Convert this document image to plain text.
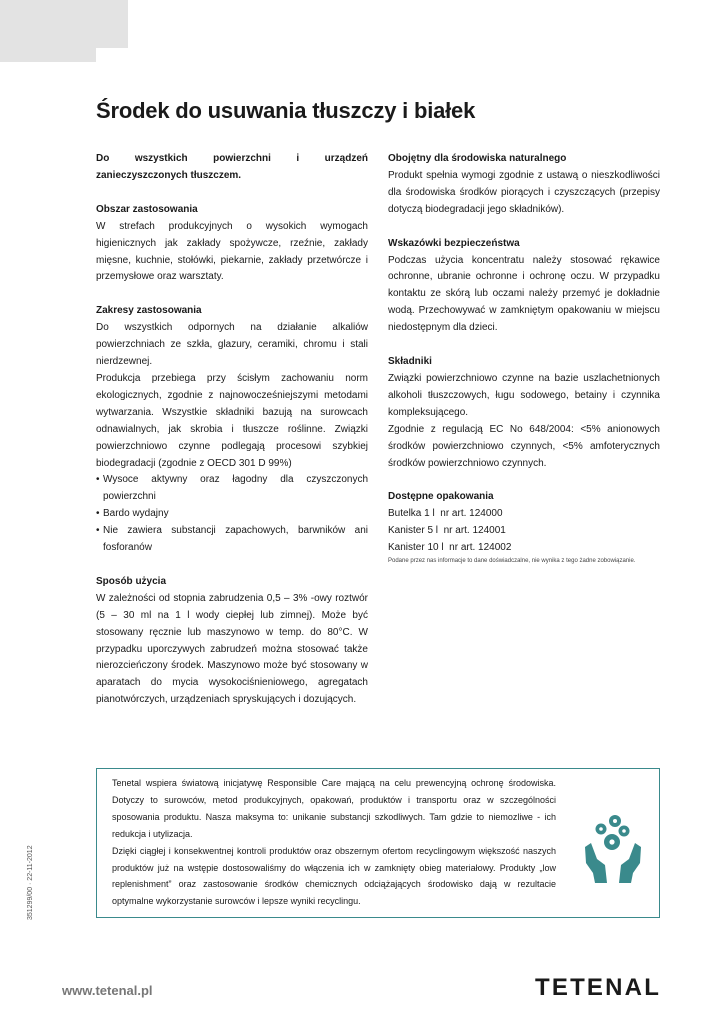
Środek do usuwania tłuszczy i białek

Do wszystkich powierzchni i urządzeń zanieczyszczonych tłuszczem.

Obszar zastosowania

W strefach produkcyjnych o wysokich wymogach higienicznych jak zakłady spożywcze, rzeźnie, zakłady mięsne, kuchnie, stołówki, piekarnie, zakłady przetwórcze i przemysłowe oraz warsztaty.

Zakresy zastosowania

Do wszystkich odpornych na działanie alkaliów powierzchniach ze szkła, glazury, ceramiki, chromu i stali nierdzewnej.

Produkcja przebiega przy ścisłym zachowaniu norm ekologicznych, zgodnie z najnowocześniejszymi metodami wytwarzania. Wszystkie składniki bazują na surowcach odnawialnych, jak skrobia i tłuszcze roślinne. Związki powierzchniowo czynne podlegają procesowi szybkiej biodegradacji (zgodnie z OECD 301 D 99%)

• Wysoce aktywny oraz łagodny dla czyszczonych powierzchni
• Bardo wydajny
• Nie zawiera substancji zapachowych, barwników ani fosforanów
Sposób użycia

W zależności od stopnia zabrudzenia 0,5 – 3% -owy roztwór (5 – 30 ml na 1 l wody ciepłej lub zimnej). Może być stosowany ręcznie lub maszynowo w temp. do 80°C. W przypadku uporczywych zabrudzeń można stosować także nierozcieńczony środek. Maszynowo może być stosowany w aparatach do mycia wysokociśnieniowego, agregatach pianotwórczych, urządzeniach spryskujących i dozujących.

Obojętny dla środowiska naturalnego

Produkt spełnia wymogi zgodnie z ustawą o nieszkodliwości dla środowiska środków piorących i czyszczących (przepisy dotyczą biodegradacji jego składników).

Wskazówki bezpieczeństwa

Podczas użycia koncentratu należy stosować rękawice ochronne, ubranie ochronne i ochronę oczu. W przypadku kontaktu ze skórą lub oczami należy przemyć je dokładnie wodą. Przechowywać w zamkniętym opakowaniu w miejscu niedostępnym dla dzieci.

Składniki

Związki powierzchniowo czynne na bazie uszlachetnionych alkoholi tłuszczowych, ługu sodowego, betainy i czynnika kompleksującego.

Zgodnie z regulacją EC No 648/2004: <5% anionowych środków powierzchniowo czynnych, <5% amfoterycznych środków powierzchniowo czynnych.

Dostępne opakowania

Butelka 1 l  nr art. 124000

Kanister 5 l  nr art. 124001

Kanister 10 l  nr art. 124002

Podane przez nas informacje to dane doświadczalne, nie wynika z tego żadne zobowiązanie.

Tenetal wspiera światową inicjatywę Responsible Care mającą na celu prewencyjną ochronę środowiska. Dotyczy to surowców, metod produkcyjnych, opakowań, produktów i transportu oraz w szczególności sposowania produktu. Nasza maksyma to: unikanie substancji szkodliwych. Tam gdzie to niemozliwe - ich redukcja i utylizacja.

Dzięki ciągłej i konsekwentnej kontroli produktów oraz obszernym ofertom recyclingowym większość naszych produktów już na wstępie dostosowaliśmy do włączenia ich w zamknięty obieg materiałowy. Produkty „low replenishment” oraz zastosowanie środków chemicznych odciążających środowisko dają w rezultacie optymalne wykorzystanie surowców i lepsze wyniki recyclingu.

351299/00 · 22-11-2012
www.tetenal.pl	TETENAL
